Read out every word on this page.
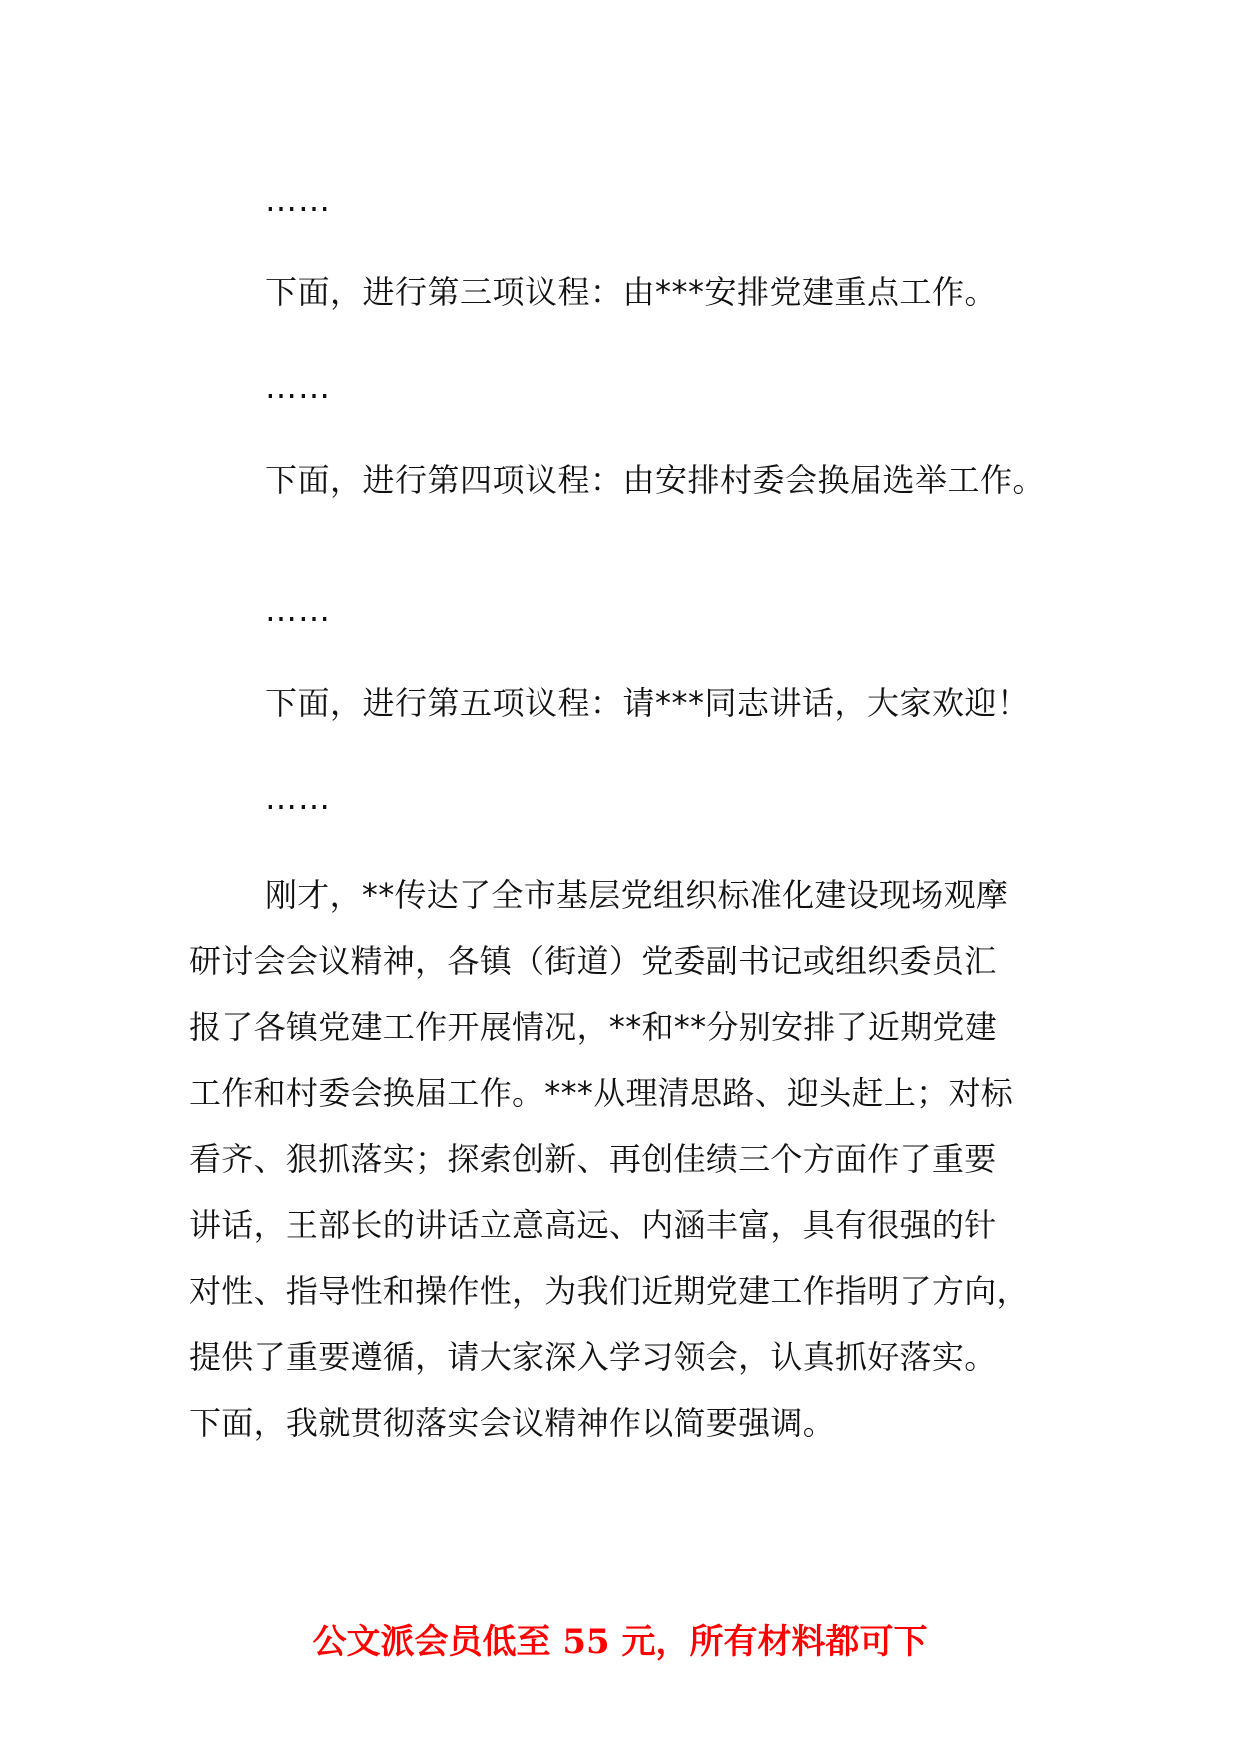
……
下面，进行第三项议程：由***安排党建重点工作。
……
下面，进行第四项议程：由安排村委会换届选举工作。
……
下面，进行第五项议程：请***同志讲话，大家欢迎！
……
刚才，**传达了全市基层党组织标准化建设现场观摩
研讨会会议精神，各镇（街道）党委副书记或组织委员汇
报了各镇党建工作开展情况，**和**分别安排了近期党建
工作和村委会换届工作。***从理清思路、迎头赶上；对标
看齐、狠抓落实；探索创新、再创佳绩三个方面作了重要
讲话，王部长的讲话立意高远、内涵丰富，具有很强的针
对性、指导性和操作性，为我们近期党建工作指明了方向，
提供了重要遵循，请大家深入学习领会，认真抓好落实。
下面，我就贯彻落实会议精神作以简要强调。
公文派会员低至 55 元，所有材料都可下
